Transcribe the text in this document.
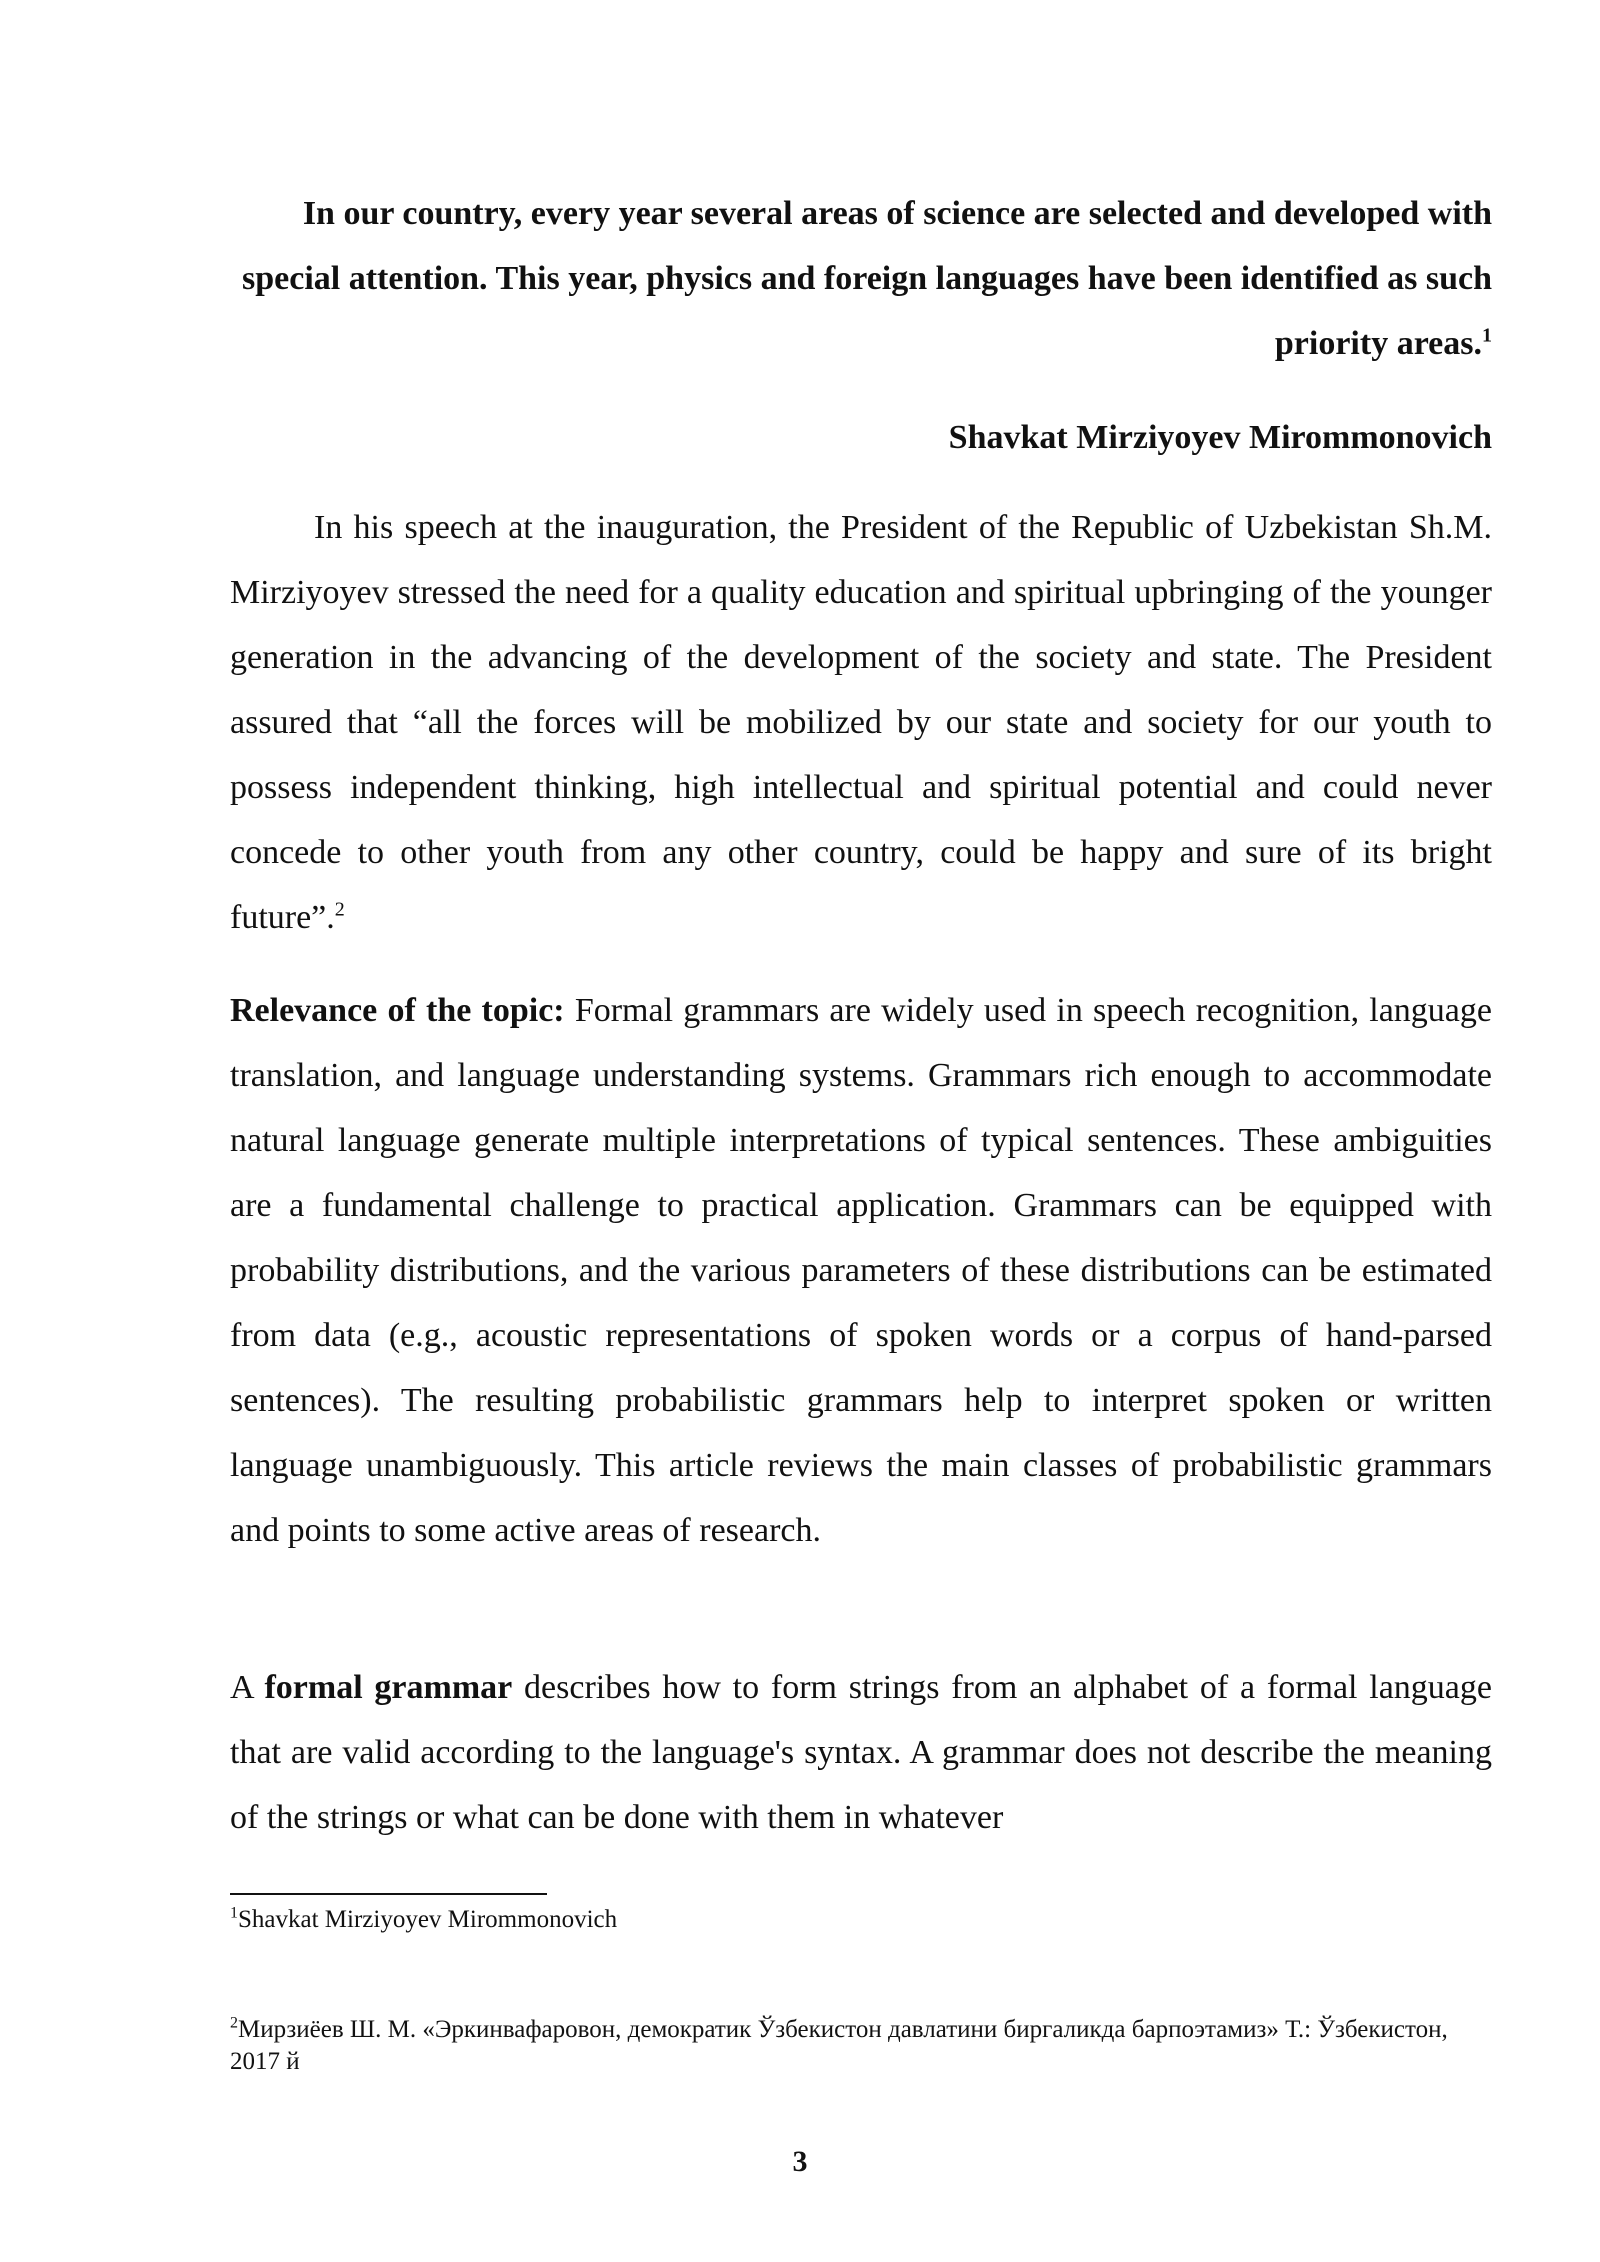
In our country, every year several areas of science are selected and developed with special attention. This year, physics and foreign languages have been identified as such priority areas.$^1$
Shavkat Mirziyoyev Mirommonovich
In his speech at the inauguration, the President of the Republic of Uzbekistan Sh.M. Mirziyoyev stressed the need for a quality education and spiritual upbringing of the younger generation in the advancing of the development of the society and state. The President assured that “all the forces will be mobilized by our state and society for our youth to possess independent thinking, high intellectual and spiritual potential and could never concede to other youth from any other country, could be happy and sure of its bright future”.$^2$
Relevance of the topic: Formal grammars are widely used in speech recognition, language translation, and language understanding systems. Grammars rich enough to accommodate natural language generate multiple interpretations of typical sentences. These ambiguities are a fundamental challenge to practical application. Grammars can be equipped with probability distributions, and the various parameters of these distributions can be estimated from data (e.g., acoustic representations of spoken words or a corpus of hand-parsed sentences). The resulting probabilistic grammars help to interpret spoken or written language unambiguously. This article reviews the main classes of probabilistic grammars and points to some active areas of research.
A formal grammar describes how to form strings from an alphabet of a formal language that are valid according to the language's syntax. A grammar does not describe the meaning of the strings or what can be done with them in whatever
$^1$Shavkat Mirziyoyev Mirommonovich
$^2$Мирзиёев Ш. М. «Эркинвафаровон, демократик Ўзбекистон давлатини биргаликда барпоэтамиз» Т.: Ўзбекистон, 2017 й
3
